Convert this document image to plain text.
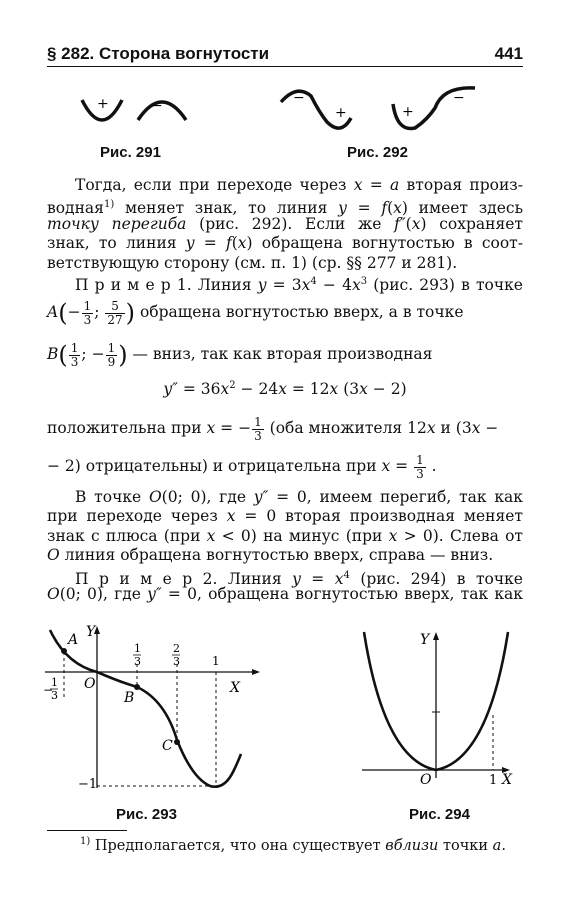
§ 282. Сторона вогнутости	441
+	−
Рис. 291
−
+	+
−
Рис. 292
Тогда, если при переходе через x = a вторая произ-
водная$^{1)}$ меняет знак, то линия y = f(x) имеет здесь
точку перегиба (рис. 292). Если же f″(x) сохраняет
знак, то линия y = f(x) обращена вогнутостью в соот-
ветствующую сторону (см. п. 1) (ср. §§ 277 и 281).
П р и м е р 1. Линия $y = 3x^4 - 4x^3$ (рис. 293) в точке
$A(- \frac{1}{3}$ ; $\frac{5}{27}$ ) обращена вогнутостью вверх, а в точке
$B( \frac{1}{3}$ ; − $\frac{1}{9}$ ) — вниз, так как вторая производная
$y'' = 36x^2 - 24x = 12x$ (3x − 2)
положительна при x = − $\frac{1}{3} (оба$ множителя 12x и (3x −
− 2) отрицательны) и отрицательна при $x = \frac{1}{3}$ .
В точке O(0; 0), где y″ = 0, имеем перегиб, так как
при переходе через x = 0 вторая производная меняет
знак с плюса (при x < 0) на минус (при x > 0). Слева от
O линия обращена вогнутостью вверх, справа — вниз.
П р и м е р 2. Линия $y = x^4$ (рис. 294) в точке
O(0; 0), где y″ = 0, обращена вогнутостью вверх, так как
A Y
O	X
B
C
−1
−
1
3
1
3
2
3	1
Рис. 293
Y
O	1 X
Рис. 294
$^{1)}$ Предполагается, что она существует вблизи точки a.
